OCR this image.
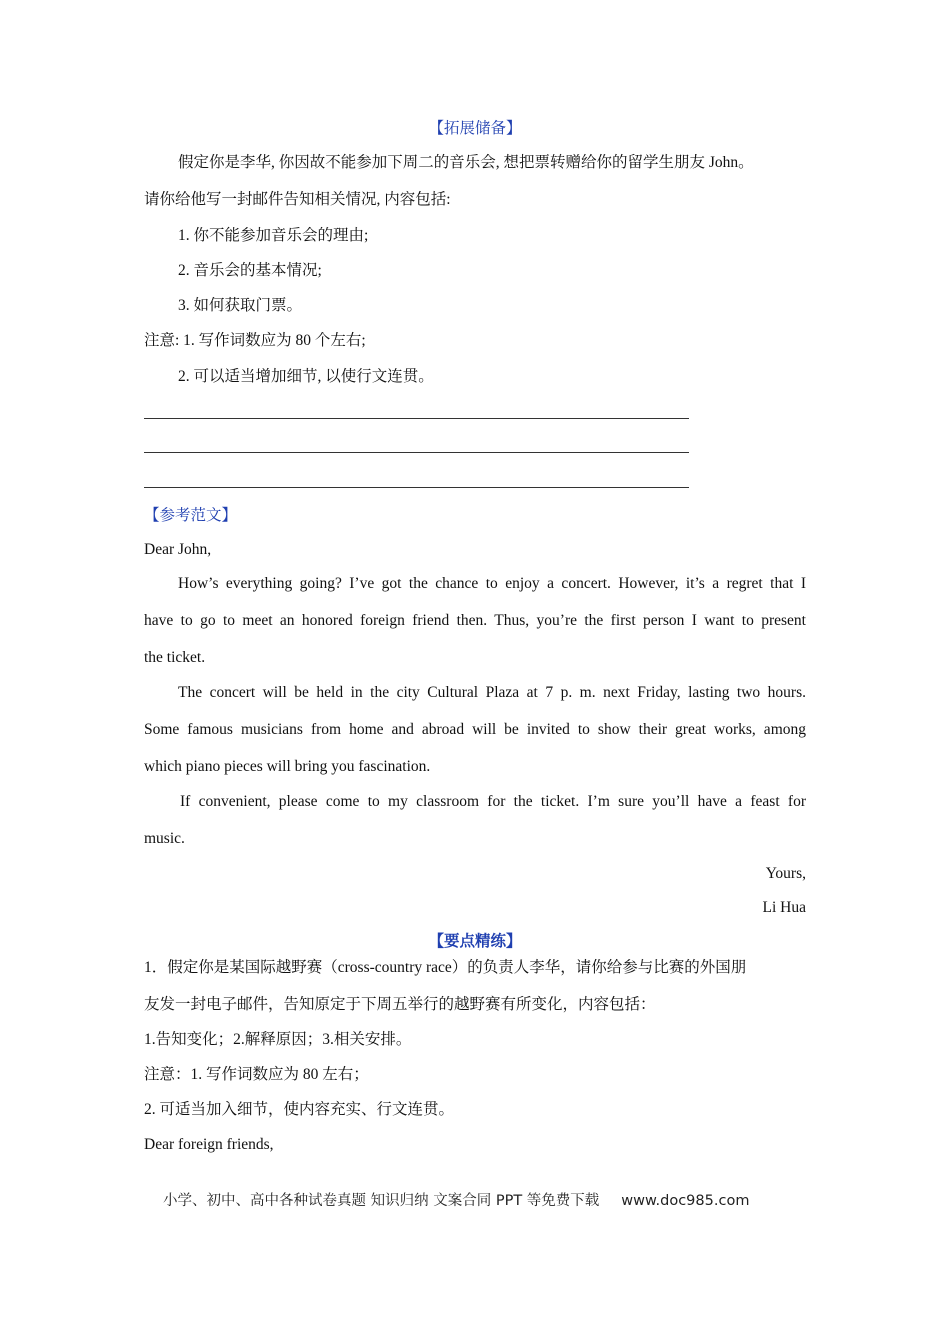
【拓展储备】
假定你是李华, 你因故不能参加下周二的音乐会, 想把票转赠给你的留学生朋友 John。
请你给他写一封邮件告知相关情况, 内容包括:
1. 你不能参加音乐会的理由;
2. 音乐会的基本情况;
3. 如何获取门票。
注意: 1. 写作词数应为 80 个左右;
2. 可以适当增加细节, 以使行文连贯。
【参考范文】
Dear John,
How’s everything going? I’ve got the chance to enjoy a concert. However, it’s a regret that I
have to go to meet an honored foreign friend then. Thus, you’re the first person I want to present
the ticket.
The concert will be held in the city Cultural Plaza at 7 p. m. next Friday, lasting two hours.
Some famous musicians from home and abroad will be invited to show their great works, among
which piano pieces will bring you fascination.
If convenient, please come to my classroom for the ticket. I’m sure you’ll have a feast for
music.
Yours,
Li Hua
【要点精练】
1．假定你是某国际越野赛（cross-country race）的负责人李华，请你给参与比赛的外国朋
友发一封电子邮件，告知原定于下周五举行的越野赛有所变化，内容包括：
1.告知变化；2.解释原因；3.相关安排。
注意：1. 写作词数应为 80 左右；
2. 可适当加入细节，使内容充实、行文连贯。
Dear foreign friends,
小学、初中、高中各种试卷真题 知识归纳 文案合同 PPT 等免费下载 www.doc985.com
